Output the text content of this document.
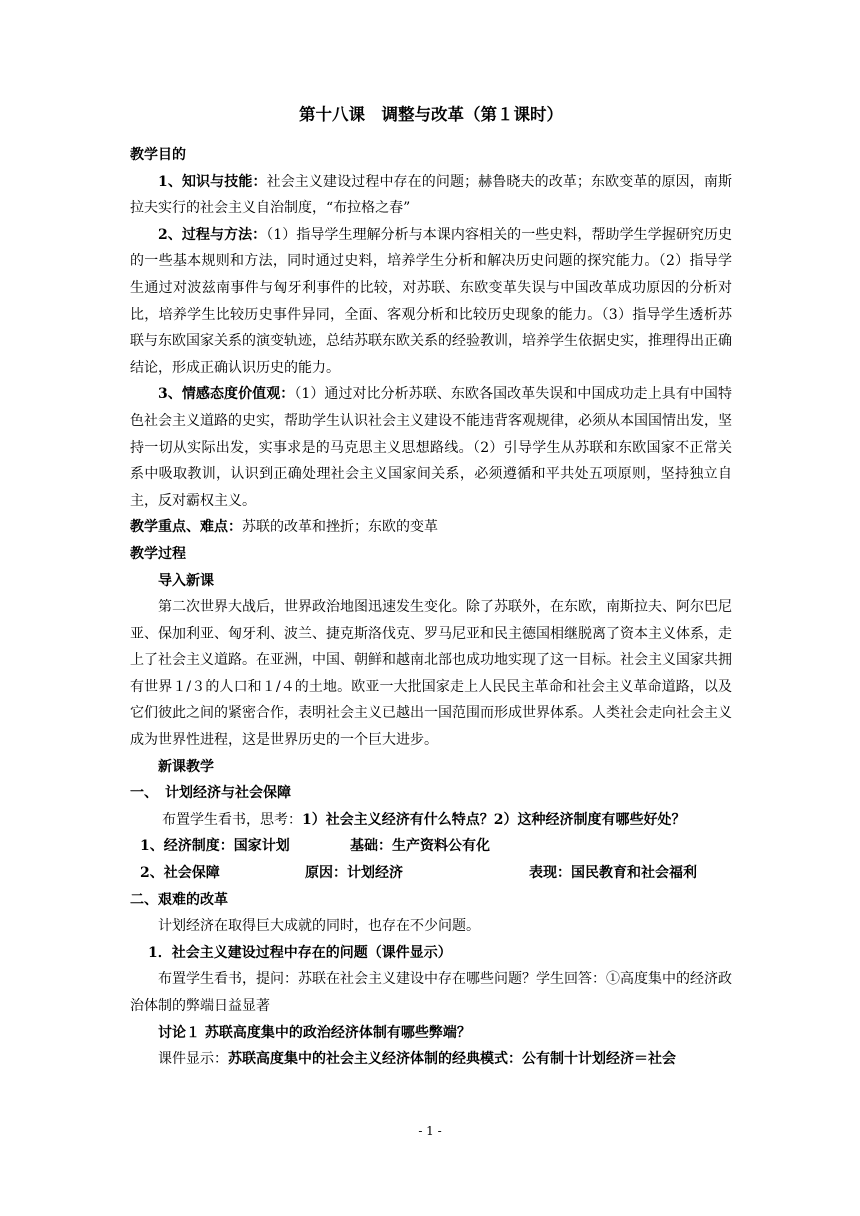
第十八课　调整与改革（第１课时）

教学目的

1、知识与技能：社会主义建设过程中存在的问题；赫鲁晓夫的改革；东欧变革的原因，南斯拉夫实行的社会主义自治制度，“布拉格之春”

2、过程与方法：（1）指导学生理解分析与本课内容相关的一些史料，帮助学生学握研究历史的一些基本规则和方法，同时通过史料，培养学生分析和解决历史问题的探究能力。（2）指导学生通过对波兹南事件与匈牙利事件的比较，对苏联、东欧变革失误与中国改革成功原因的分析对比，培养学生比较历史事件异同，全面、客观分析和比较历史现象的能力。（3）指导学生透析苏联与东欧国家关系的演变轨迹，总结苏联东欧关系的经验教训，培养学生依据史实，推理得出正确结论，形成正确认识历史的能力。

3、情感态度价值观：（1）通过对比分析苏联、东欧各国改革失误和中国成功走上具有中国特色社会主义道路的史实，帮助学生认识社会主义建设不能违背客观规律，必须从本国国情出发，坚持一切从实际出发，实事求是的马克思主义思想路线。（2）引导学生从苏联和东欧国家不正常关系中吸取教训，认识到正确处理社会主义国家间关系，必须遵循和平共处五项原则，坚持独立自主，反对霸权主义。

教学重点、难点：苏联的改革和挫折；东欧的变革

教学过程

导入新课

第二次世界大战后，世界政治地图迅速发生变化。除了苏联外，在东欧，南斯拉夫、阿尔巴尼亚、保加利亚、匈牙利、波兰、捷克斯洛伐克、罗马尼亚和民主德国相继脱离了资本主义体系，走上了社会主义道路。在亚洲，中国、朝鲜和越南北部也成功地实现了这一目标。社会主义国家共拥有世界１/３的人口和１/４的土地。欧亚一大批国家走上人民民主革命和社会主义革命道路，以及它们彼此之间的紧密合作，表明社会主义已越出一国范围而形成世界体系。人类社会走向社会主义成为世界性进程，这是世界历史的一个巨大进步。

新课教学

一、　计划经济与社会保障

布置学生看书，思考：1）社会主义经济有什么特点？2）这种经济制度有哪些好处？

1、经济制度：国家计划	基础：生产资料公有化
2、社会保障	原因：计划经济	表现：国民教育和社会福利

二、艰难的改革

计划经济在取得巨大成就的同时，也存在不少问题。

1．社会主义建设过程中存在的问题（课件显示）

布置学生看书，提问：苏联在社会主义建设中存在哪些问题？学生回答：①高度集中的经济政治体制的弊端日益显著

讨论１ 苏联高度集中的政治经济体制有哪些弊端？

课件显示：苏联高度集中的社会主义经济体制的经典模式：公有制十计划经济＝社会

- 1 -
